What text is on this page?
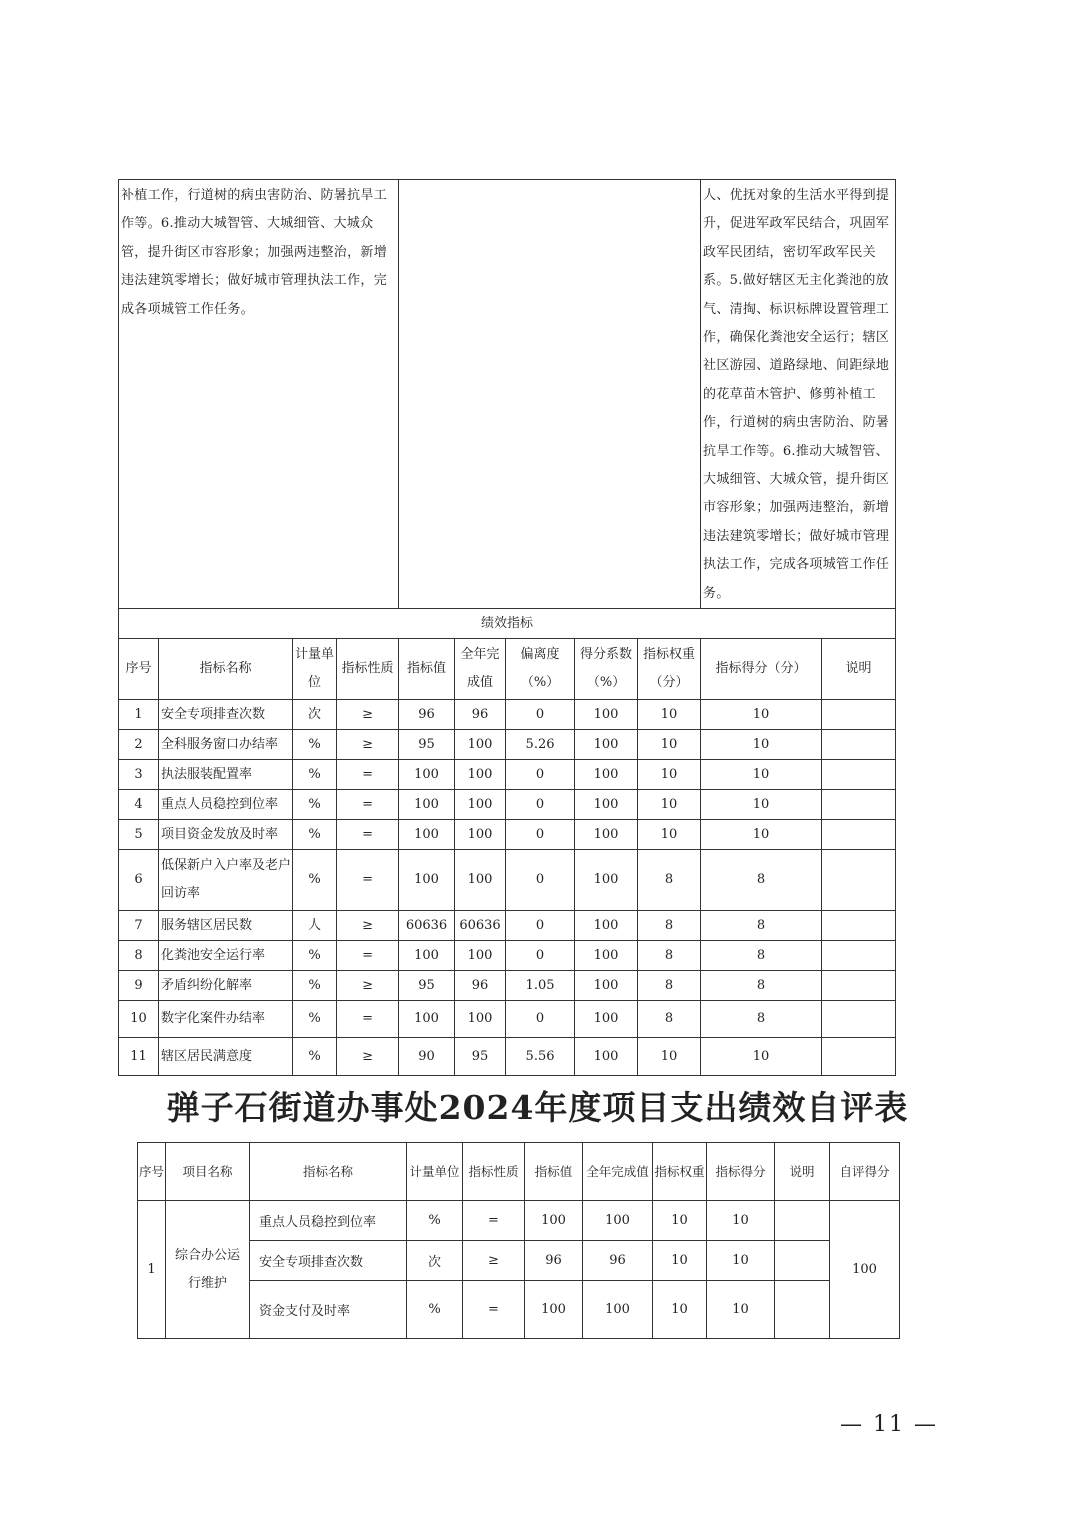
补植工作，行道树的病虫害防治、防暑抗旱工作等。6.推动大城智管、大城细管、大城众管，提升街区市容形象；加强两违整治，新增违法建筑零增长；做好城市管理执法工作，完成各项城管工作任务。									人、优抚对象的生活水平得到提升，促进军政军民结合，巩固军政军民团结，密切军政军民关系。5.做好辖区无主化粪池的放气、清掏、标识标牌设置管理工作，确保化粪池安全运行；辖区社区游园、道路绿地、间距绿地的花草苗木管护、修剪补植工作，行道树的病虫害防治、防暑抗旱工作等。6.推动大城智管、大城细管、大城众管，提升街区市容形象；加强两违整治，新增违法建筑零增长；做好城市管理执法工作，完成各项城管工作任务。	
绩效指标										
序号	指标名称	计量单位	指标性质	指标值	全年完成值	偏离度（%）	得分系数（%）	指标权重（分）	指标得分（分）	说明
1	安全专项排查次数	次	≥	96	96	0	100	10	10	
2	全科服务窗口办结率	%	≥	95	100	5.26	100	10	10	
3	执法服装配置率	%	=	100	100	0	100	10	10	
4	重点人员稳控到位率	%	=	100	100	0	100	10	10	
5	项目资金发放及时率	%	=	100	100	0	100	10	10	
6	低保新户入户率及老户回访率	%	=	100	100	0	100	8	8	
7	服务辖区居民数	人	≥	60636	60636	0	100	8	8	
8	化粪池安全运行率	%	=	100	100	0	100	8	8	
9	矛盾纠纷化解率	%	≥	95	96	1.05	100	8	8	
10	数字化案件办结率	%	=	100	100	0	100	8	8	
11	辖区居民满意度	%	≥	90	95	5.56	100	10	10	
弹子石街道办事处2024年度项目支出绩效自评表
序号	项目名称	指标名称	计量单位	指标性质	指标值	全年完成值	指标权重	指标得分	说明	自评得分
1	综合办公运行维护	重点人员稳控到位率	%	=	100	100	10	10		100
		安全专项排查次数	次	≥	96	96	10	10		
		资金支付及时率	%	=	100	100	10	10		
— 11 —
